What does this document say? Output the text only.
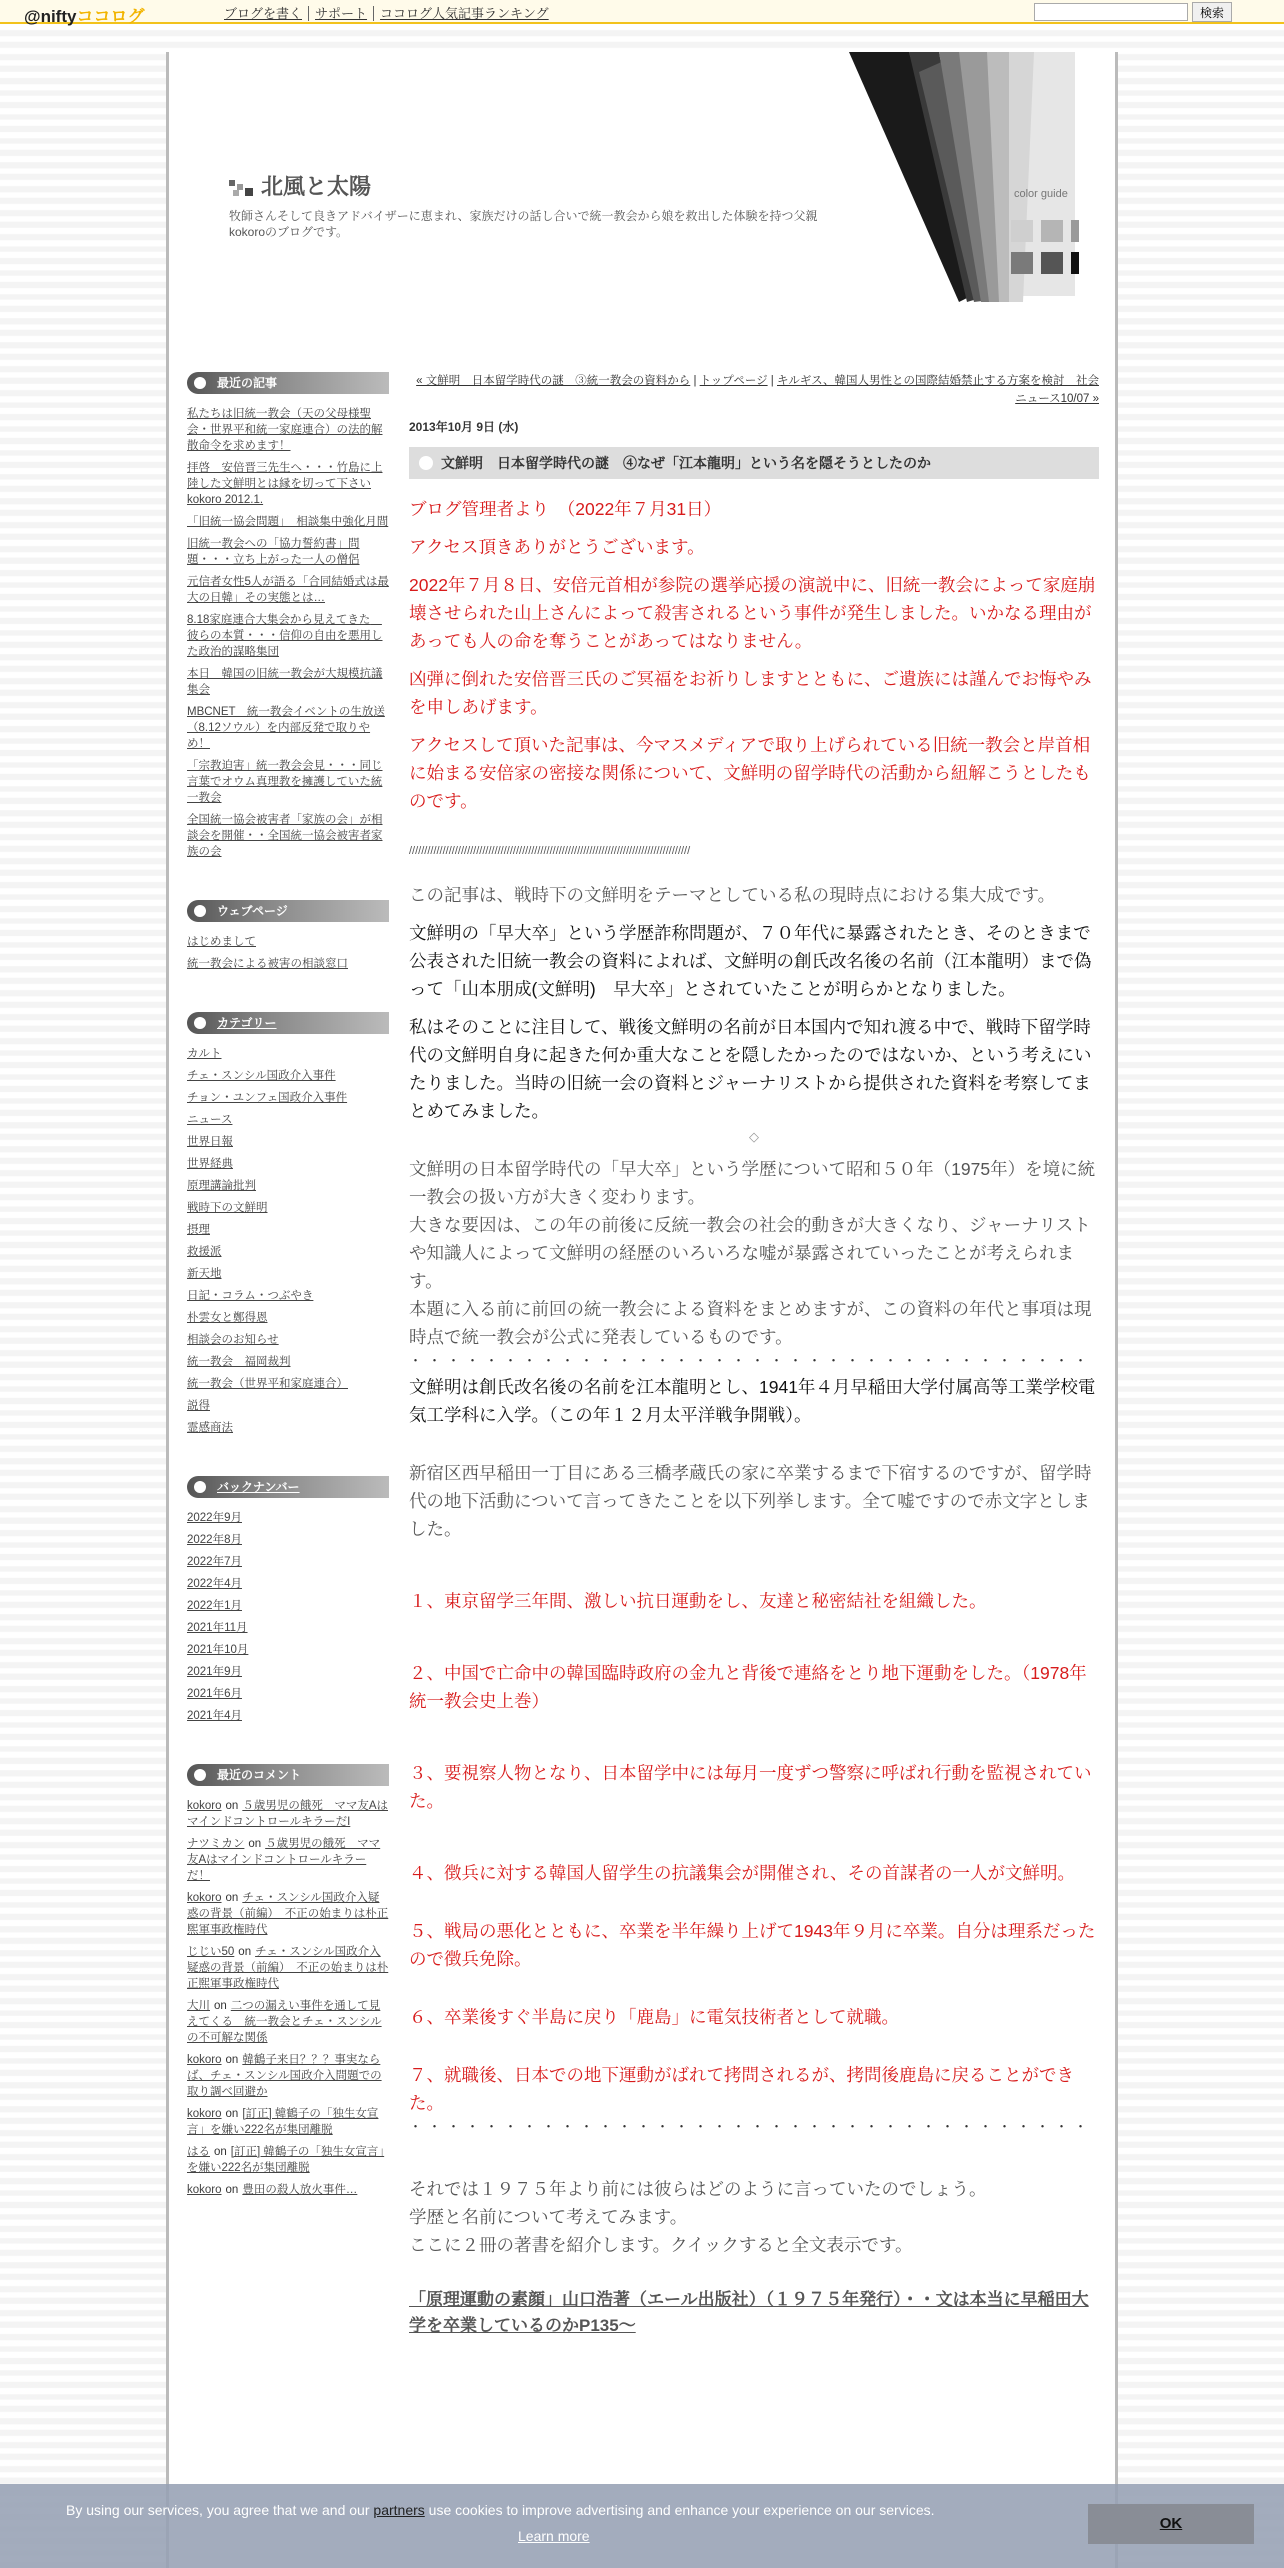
@niftyココログ	ブログを書く サポート ココログ人気記事ランキング	検索
color guide
北風と太陽
牧師さんそして良きアドバイザーに恵まれ、家族だけの話し合いで統一教会から娘を救出した体験を持つ父親kokoroのブログです。
最近の記事
私たちは旧統一教会（天の父母様聖会・世界平和統一家庭連合）の法的解散命令を求めます！
拝啓　安倍晋三先生へ・・・竹島に上陸した文鮮明とは縁を切って下さい kokoro 2012.1.
「旧統一協会問題」　相談集中強化月間
旧統一教会への「協力誓約書」問題・・・立ち上がった一人の僧侶
元信者女性5人が語る「合同結婚式は最大の日韓」その実態とは…
8.18家庭連合大集会から見えてきた　彼らの本質・・・信仰の自由を悪用した政治的謀略集団
本日　韓国の旧統一教会が大規模抗議集会
MBCNET　統一教会イベントの生放送（8.12ソウル）を内部反発で取りやめ！
「宗教迫害」統一教会会見・・・同じ言葉でオウム真理教を擁護していた統一教会
全国統一協会被害者「家族の会」が相談会を開催・・全国統一協会被害者家族の会
ウェブページ
はじめまして
統一教会による被害の相談窓口
カテゴリー
カルト
チェ・スンシル国政介入事件
チョン・ユンフェ国政介入事件
ニュース
世界日報
世界経典
原理講論批判
戦時下の文鮮明
摂理
救援派
新天地
日記・コラム・つぶやき
朴雲女と鄭得恩
相談会のお知らせ
統一教会　福岡裁判
統一教会（世界平和家庭連合）
説得
霊感商法
バックナンバー
2022年9月
2022年8月
2022年7月
2022年4月
2022年1月
2021年11月
2021年10月
2021年9月
2021年6月
2021年4月
最近のコメント
kokoro on ５歳男児の餓死　ママ友AはマインドコントロールキラーだI
ナツミカン on ５歳男児の餓死　ママ友Aはマインドコントロールキラーだ！
kokoro on チェ・スンシル国政介入疑惑の背景（前編）　不正の始まりは朴正煕軍事政権時代
じじい50 on チェ・スンシル国政介入疑惑の背景（前編）　不正の始まりは朴正煕軍事政権時代
大川 on 二つの漏えい事件を通して見えてくる　統一教会とチェ・スンシルの不可解な関係
kokoro on 韓鶴子来日？？？事実ならば、チェ・スンシル国政介入問題での取り調べ回避か
kokoro on [訂正] 韓鶴子の「独生女宣言」を嫌い222名が集団離脱
はる on [訂正] 韓鶴子の「独生女宣言」を嫌い222名が集団離脱
kokoro on 豊田の殺人放火事件…
« 文鮮明　日本留学時代の謎　③統一教会の資料から | トップページ | キルギス、韓国人男性との国際結婚禁止する方案を検討　社会ニュース10/07 »
2013年10月 9日 (水)
文鮮明　日本留学時代の謎　④なぜ「江本龍明」という名を隠そうとしたのか
ブログ管理者より　（2022年７月31日）
アクセス頂きありがとうございます。
2022年７月８日、安倍元首相が参院の選挙応援の演説中に、旧統一教会によって家庭崩壊させられた山上さんによって殺害されるという事件が発生しました。いかなる理由があっても人の命を奪うことがあってはなりません。
凶弾に倒れた安倍晋三氏のご冥福をお祈りしますとともに、ご遺族には謹んでお悔やみを申しあげます。
アクセスして頂いた記事は、今マスメディアで取り上げられている旧統一教会と岸首相に始まる安倍家の密接な関係について、文鮮明の留学時代の活動から紐解こうとしたものです。
////////////////////////////////////////////////////////////////////////////////////////////
この記事は、戦時下の文鮮明をテーマとしている私の現時点における集大成です。
文鮮明の「早大卒」という学歴詐称問題が、７０年代に暴露されたとき、そのときまで公表された旧統一教会の資料によれば、文鮮明の創氏改名後の名前（江本龍明）まで偽って「山本朋成(文鮮明)　早大卒」とされていたことが明らかとなりました。
私はそのことに注目して、戦後文鮮明の名前が日本国内で知れ渡る中で、戦時下留学時代の文鮮明自身に起きた何か重大なことを隠したかったのではないか、という考えにいたりました。当時の旧統一会の資料とジャーナリストから提供された資料を考察してまとめてみました。
◇
文鮮明の日本留学時代の「早大卒」という学歴について昭和５０年（1975年）を境に統一教会の扱い方が大きく変わります。
大きな要因は、この年の前後に反統一教会の社会的動きが大きくなり、ジャーナリストや知識人によって文鮮明の経歴のいろいろな嘘が暴露されていったことが考えられます。
本題に入る前に前回の統一教会による資料をまとめますが、この資料の年代と事項は現時点で統一教会が公式に発表しているものです。
・・・・・・・・・・・・・・・・・・・・・・・・・・・・・・・・・・・・
文鮮明は創氏改名後の名前を江本龍明とし、1941年４月早稲田大学付属高等工業学校電気工学科に入学。（この年１２月太平洋戦争開戦）。
新宿区西早稲田一丁目にある三橋孝蔵氏の家に卒業するまで下宿するのですが、留学時代の地下活動について言ってきたことを以下列挙します。全て嘘ですので赤文字としました。
１、東京留学三年間、激しい抗日運動をし、友達と秘密結社を組織した。
２、中国で亡命中の韓国臨時政府の金九と背後で連絡をとり地下運動をした。（1978年統一教会史上巻）
３、要視察人物となり、日本留学中には毎月一度ずつ警察に呼ばれ行動を監視されていた。
４、徴兵に対する韓国人留学生の抗議集会が開催され、その首謀者の一人が文鮮明。
５、戦局の悪化とともに、卒業を半年繰り上げて1943年９月に卒業。自分は理系だったので徴兵免除。
６、卒業後すぐ半島に戻り「鹿島」に電気技術者として就職。
７、就職後、日本での地下運動がばれて拷問されるが、拷問後鹿島に戻ることができた。
・・・・・・・・・・・・・・・・・・・・・・・・・・・・・・・・・・・・
それでは１９７５年より前には彼らはどのように言っていたのでしょう。
学歴と名前について考えてみます。
ここに２冊の著書を紹介します。クイックすると全文表示です。
「原理運動の素顔」山口浩著（エール出版社）（１９７５年発行）・・文は本当に早稲田大学を卒業しているのかP135〜
By using our services, you agree that we and our partners use cookies to improve advertising and enhance your experience on our services.
Learn more
OK
